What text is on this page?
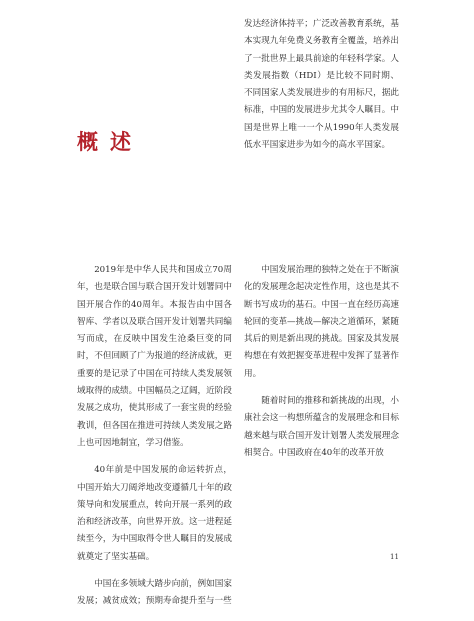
发达经济体持平；广泛改善教育系统，基本实现九年免费义务教育全覆盖，培养出了一批世界上最具前途的年轻科学家。人类发展指数（HDI）是比较不同时期、不同国家人类发展进步的有用标尺，据此标准，中国的发展进步尤其令人瞩目。中国是世界上唯一一个从1990年人类发展低水平国家进步为如今的高水平国家。

概述

2019年是中华人民共和国成立70周年，也是联合国与联合国开发计划署同中国开展合作的40周年。本报告由中国各智库、学者以及联合国开发计划署共同编写而成，在反映中国发生沧桑巨变的同时，不但回顾了广为报道的经济成就，更重要的是记录了中国在可持续人类发展领域取得的成绩。中国幅员之辽阔，近阶段发展之成功，使其形成了一套宝贵的经验教训，但各国在推进可持续人类发展之路上也可因地制宜，学习借鉴。

40年前是中国发展的命运转折点，中国开始大刀阔斧地改变遵循几十年的政策导向和发展重点，转向开展一系列的政治和经济改革，向世界开放。这一进程延续至今，为中国取得令世人瞩目的发展成就奠定了坚实基础。

中国在多领域大踏步向前，例如国家发展；减贫成效；预期寿命提升至与一些

中国发展治理的独特之处在于不断演化的发展理念起决定性作用，这也是其不断书写成功的基石。中国一直在经历高速轮回的变革—挑战—解决之道循环，紧随其后的则是新出现的挑战。国家及其发展构想在有效把握变革进程中发挥了显著作用。

随着时间的推移和新挑战的出现，小康社会这一构想所蕴含的发展理念和目标越来越与联合国开发计划署人类发展理念相契合。中国政府在40年的改革开放

11
